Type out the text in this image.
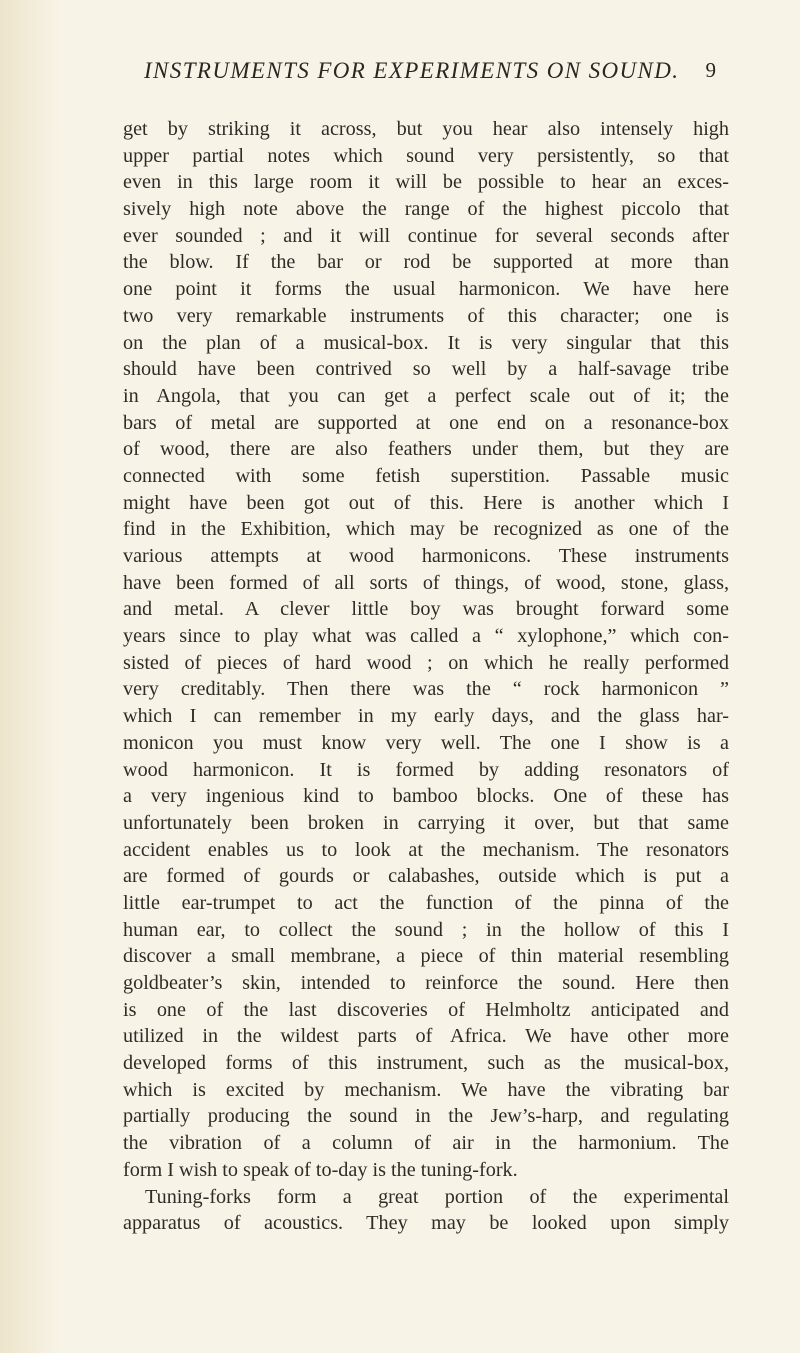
INSTRUMENTS FOR EXPERIMENTS ON SOUND. 9
get by striking it across, but you hear also intensely high
upper partial notes which sound very persistently, so that
even in this large room it will be possible to hear an exces-
sively high note above the range of the highest piccolo that
ever sounded ; and it will continue for several seconds after
the blow. If the bar or rod be supported at more than
one point it forms the usual harmonicon. We have here
two very remarkable instruments of this character; one is
on the plan of a musical-box. It is very singular that this
should have been contrived so well by a half-savage tribe
in Angola, that you can get a perfect scale out of it; the
bars of metal are supported at one end on a resonance-box
of wood, there are also feathers under them, but they are
connected with some fetish superstition. Passable music
might have been got out of this. Here is another which I
find in the Exhibition, which may be recognized as one of the
various attempts at wood harmonicons. These instruments
have been formed of all sorts of things, of wood, stone, glass,
and metal. A clever little boy was brought forward some
years since to play what was called a “ xylophone,” which con-
sisted of pieces of hard wood ; on which he really performed
very creditably. Then there was the “ rock harmonicon ”
which I can remember in my early days, and the glass har-
monicon you must know very well. The one I show is a
wood harmonicon. It is formed by adding resonators of
a very ingenious kind to bamboo blocks. One of these has
unfortunately been broken in carrying it over, but that same
accident enables us to look at the mechanism. The resonators
are formed of gourds or calabashes, outside which is put a
little ear-trumpet to act the function of the pinna of the
human ear, to collect the sound ; in the hollow of this I
discover a small membrane, a piece of thin material resembling
goldbeater’s skin, intended to reinforce the sound. Here then
is one of the last discoveries of Helmholtz anticipated and
utilized in the wildest parts of Africa. We have other more
developed forms of this instrument, such as the musical-box,
which is excited by mechanism. We have the vibrating bar
partially producing the sound in the Jew’s-harp, and regulating
the vibration of a column of air in the harmonium. The
form I wish to speak of to-day is the tuning-fork.
Tuning-forks form a great portion of the experimental
apparatus of acoustics. They may be looked upon simply
